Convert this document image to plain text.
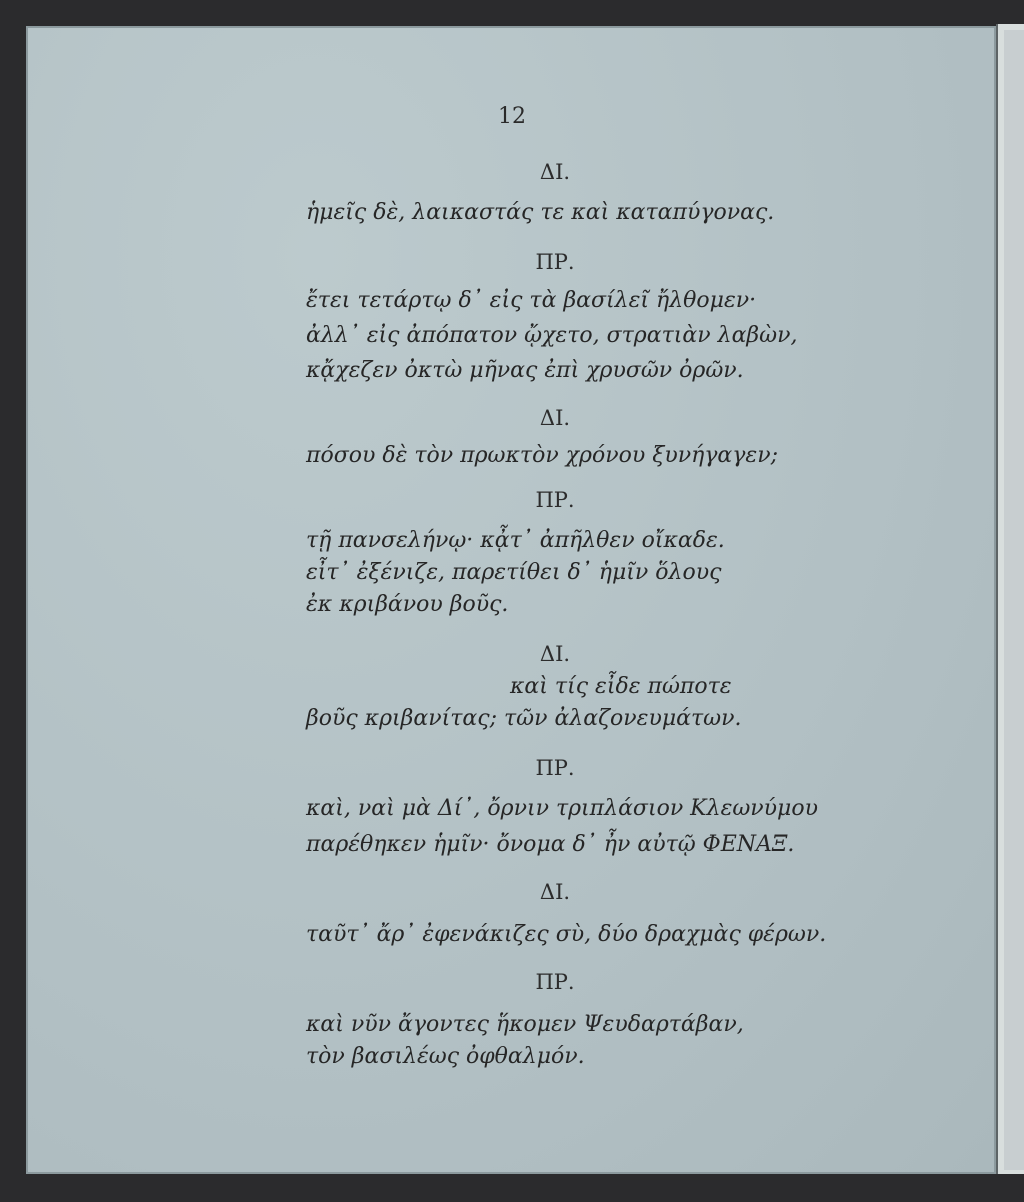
12
ΔΙ.
ἡμεῖς δὲ, λαικαστάς τε καὶ καταπύγονας.
ΠΡ.
ἔτει τετάρτῳ δ᾽ εἰς τὰ βασίλεῖ ἤλθομεν·
ἀλλ᾽ εἰς ἀπόπατον ᾤχετο, στρατιὰν λαβὼν,
κᾄχεζεν ὀκτὼ μῆνας ἐπὶ χρυσῶν ὀρῶν.
ΔΙ.
πόσου δὲ τὸν πρωκτὸν χρόνου ξυνήγαγεν;
ΠΡ.
τῇ πανσελήνῳ· κᾆτ᾽ ἀπῆλθεν οἴκαδε.
εἶτ᾽ ἐξένιζε, παρετίθει δ᾽ ἡμῖν ὅλους
ἐκ κριβάνου βοῦς.
ΔΙ.
καὶ τίς εἶδε πώποτε
βοῦς κριβανίτας; τῶν ἀλαζονευμάτων.
ΠΡ.
καὶ, ναὶ μὰ Δί᾽, ὄρνιν τριπλάσιον Κλεωνύμου
παρέθηκεν ἡμῖν· ὄνομα δ᾽ ἦν αὐτῷ ΦΕΝΑΞ.
ΔΙ.
ταῦτ᾽ ἄρ᾽ ἐφενάκιζες σὺ, δύο δραχμὰς φέρων.
ΠΡ.
καὶ νῦν ἄγοντες ἥκομεν Ψευδαρτάβαν,
τὸν βασιλέως ὀφθαλμόν.
